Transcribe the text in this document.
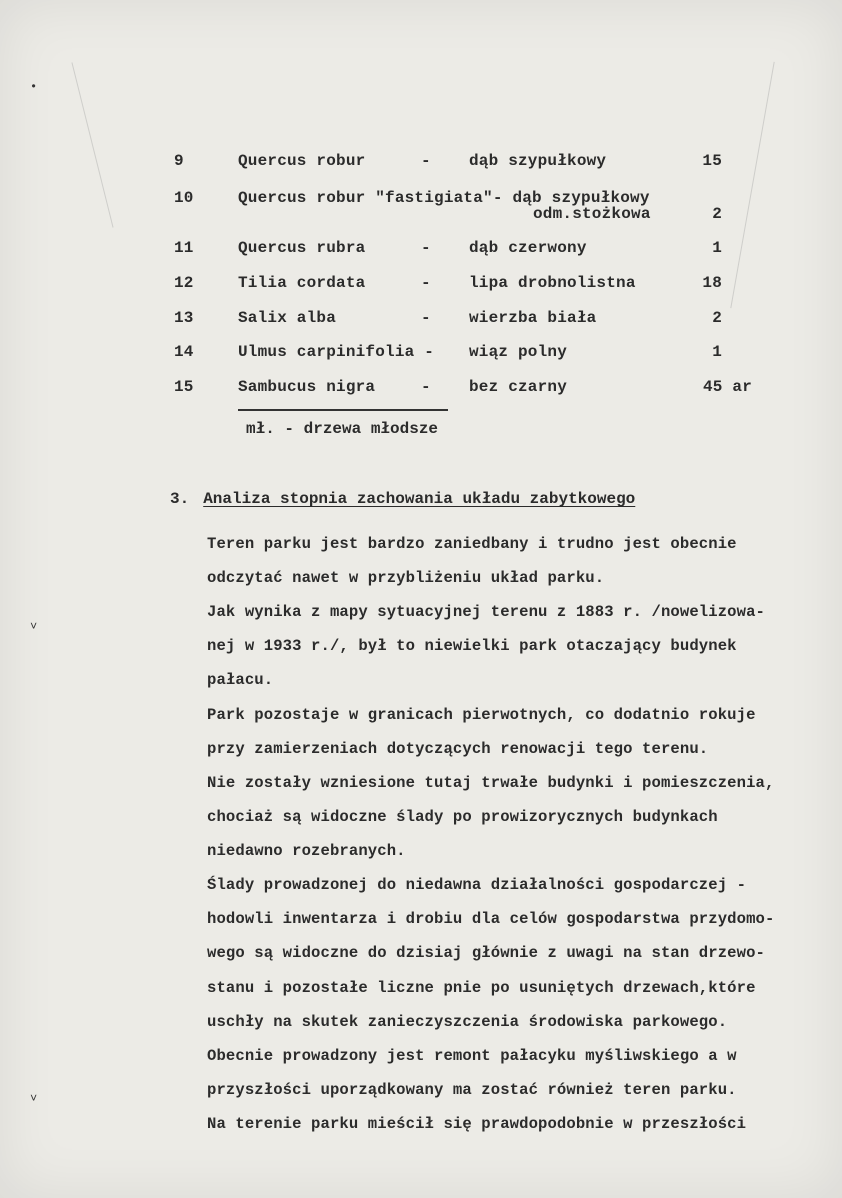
•
˅
˅
9	Quercus robur	- dąb szypułkowy	15
10	Quercus robur "fastigiata"- dąb szypułkowy
odm.stożkowa	2
11	Quercus rubra	- dąb czerwony	1
12	Tilia cordata	- lipa drobnolistna	18
13	Salix alba	- wierzba biała	2
14	Ulmus carpinifolia - wiąz polny	1
15	Sambucus nigra	- bez czarny	45 ar
mł. - drzewa młodsze
3. Analiza stopnia zachowania układu zabytkowego
Teren parku jest bardzo zaniedbany i trudno jest obecnie
odczytać nawet w przybliżeniu układ parku.
Jak wynika z mapy sytuacyjnej terenu z 1883 r. /nowelizowa-
nej w 1933 r./, był to niewielki park otaczający budynek
pałacu.
Park pozostaje w granicach pierwotnych, co dodatnio rokuje
przy zamierzeniach dotyczących renowacji tego terenu.
Nie zostały wzniesione tutaj trwałe budynki i pomieszczenia,
chociaż są widoczne ślady po prowizorycznych budynkach
niedawno rozebranych.
Ślady prowadzonej do niedawna działalności gospodarczej -
hodowli inwentarza i drobiu dla celów gospodarstwa przydomo-
wego są widoczne do dzisiaj głównie z uwagi na stan drzewo-
stanu i pozostałe liczne pnie po usuniętych drzewach,które
uschły na skutek zanieczyszczenia środowiska parkowego.
Obecnie prowadzony jest remont pałacyku myśliwskiego a w
przyszłości uporządkowany ma zostać również teren parku.
Na terenie parku mieścił się prawdopodobnie w przeszłości
